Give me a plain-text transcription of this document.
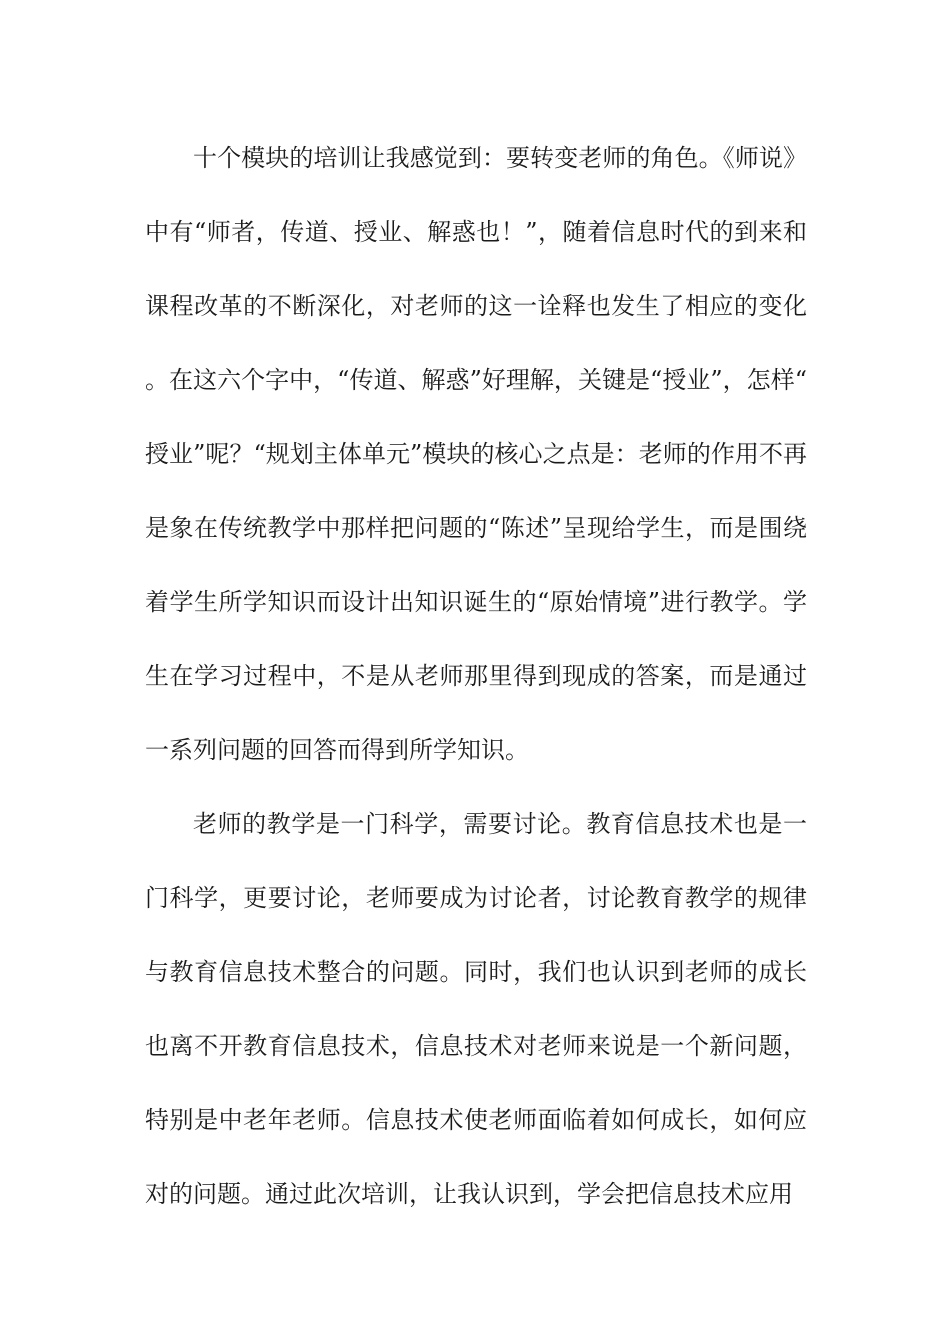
十个模块的培训让我感觉到：要转变老师的角色。《师说》中有“师者，传道、授业、解惑也！”，随着信息时代的到来和课程改革的不断深化，对老师的这一诠释也发生了相应的变化。在这六个字中，“传道、解惑”好理解，关键是“授业”，怎样“授业”呢？“规划主体单元”模块的核心之点是：老师的作用不再是象在传统教学中那样把问题的“陈述”呈现给学生，而是围绕着学生所学知识而设计出知识诞生的“原始情境”进行教学。学生在学习过程中，不是从老师那里得到现成的答案，而是通过一系列问题的回答而得到所学知识。

老师的教学是一门科学，需要讨论。教育信息技术也是一门科学，更要讨论，老师要成为讨论者，讨论教育教学的规律与教育信息技术整合的问题。同时，我们也认识到老师的成长也离不开教育信息技术，信息技术对老师来说是一个新问题，特别是中老年老师。信息技术使老师面临着如何成长，如何应对的问题。通过此次培训，让我认识到，学会把信息技术应用
